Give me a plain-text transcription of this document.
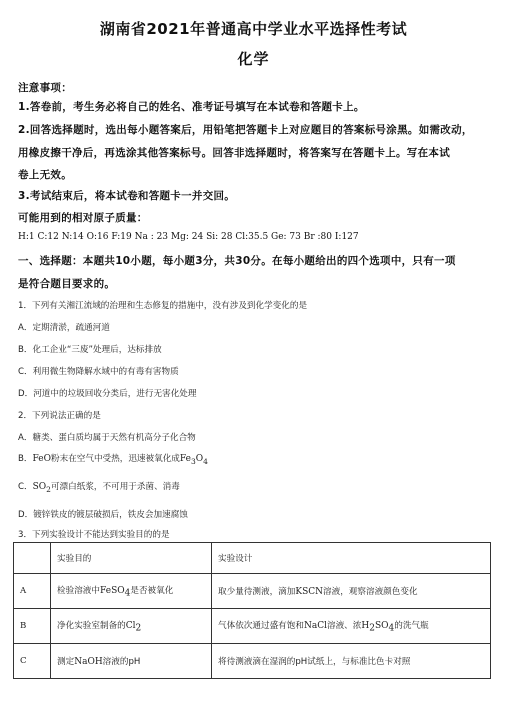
湖南省2021年普通高中学业水平选择性考试
化学
注意事项：
1.答卷前，考生务必将自己的姓名、准考证号填写在本试卷和答题卡上。
2.回答选择题时，选出每小题答案后，用铅笔把答题卡上对应题目的答案标号涂黑。如需改动，
用橡皮擦干净后，再选涂其他答案标号。回答非选择题时，将答案写在答题卡上。写在本试
卷上无效。
3.考试结束后，将本试卷和答题卡一并交回。
可能用到的相对原子质量：
H:1 C:12 N:14 O:16 F:19 Na : 23 Mg: 24 Si: 28 Cl:35.5 Ge: 73 Br :80 I:127
一、选择题：本题共10小题，每小题3分，共30分。在每小题给出的四个选项中，只有一项
是符合题目要求的。
1．下列有关湘江流域的治理和生态修复的措施中，没有涉及到化学变化的是
A．定期清淤，疏通河道
B．化工企业“三废”处理后，达标排放
C．利用微生物降解水域中的有毒有害物质
D．河道中的垃圾回收分类后，进行无害化处理
2．下列说法正确的是
A．糖类、蛋白质均属于天然有机高分子化合物
B．FeO粉末在空气中受热，迅速被氧化成$Fe_3O_4$
C．$SO_2$可漂白纸浆，不可用于杀菌、消毒
D．镀锌铁皮的镀层破损后，铁皮会加速腐蚀
3．下列实验设计不能达到实验目的的是
	实验目的	实验设计
A	检验溶液中FeSO$_4$是否被氧化	取少量待测液，滴加KSCN溶液，观察溶液颜色变化
B	净化实验室制备的$Cl_2$	气体依次通过盛有饱和NaCl溶液、浓$H_2SO_4$的洗气瓶
C	测定NaOH溶液的pH	将待测液滴在湿润的pH试纸上，与标准比色卡对照
